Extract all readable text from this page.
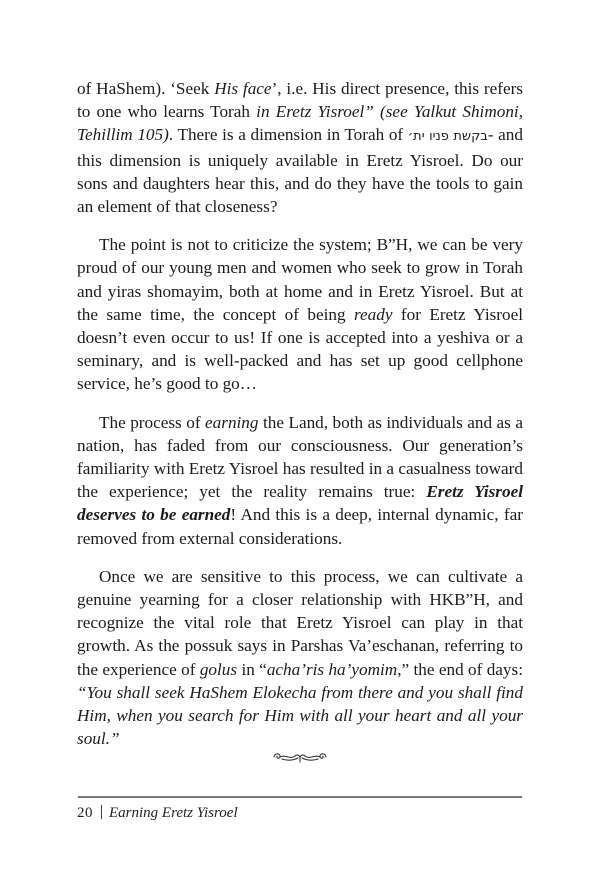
of HaShem). ‘Seek His face’, i.e. His direct presence, this refers to one who learns Torah in Eretz Yisroel” (see Yalkut Shimoni, Tehillim 105). There is a dimension in Torah of בקשת פניו ית׳- and this dimension is uniquely available in Eretz Yisroel. Do our sons and daughters hear this, and do they have the tools to gain an element of that closeness?

The point is not to criticize the system; B”H, we can be very proud of our young men and women who seek to grow in Torah and yiras shomayim, both at home and in Eretz Yisroel. But at the same time, the concept of being ready for Eretz Yisroel doesn’t even occur to us! If one is accepted into a yeshiva or a seminary, and is well-packed and has set up good cellphone service, he’s good to go…

The process of earning the Land, both as individuals and as a nation, has faded from our consciousness. Our generation’s familiarity with Eretz Yisroel has resulted in a casualness toward the experience; yet the reality remains true: Eretz Yisroel deserves to be earned! And this is a deep, internal dynamic, far removed from external considerations.

Once we are sensitive to this process, we can cultivate a genuine yearning for a closer relationship with HKB”H, and recognize the vital role that Eretz Yisroel can play in that growth. As the possuk says in Parshas Va’eschanan, referring to the experience of golus in “acha’ris ha’yomim,” the end of days: “You shall seek HaShem Elokecha from there and you shall find Him, when you search for Him with all your heart and all your soul.”

20 Earning Eretz Yisroel
